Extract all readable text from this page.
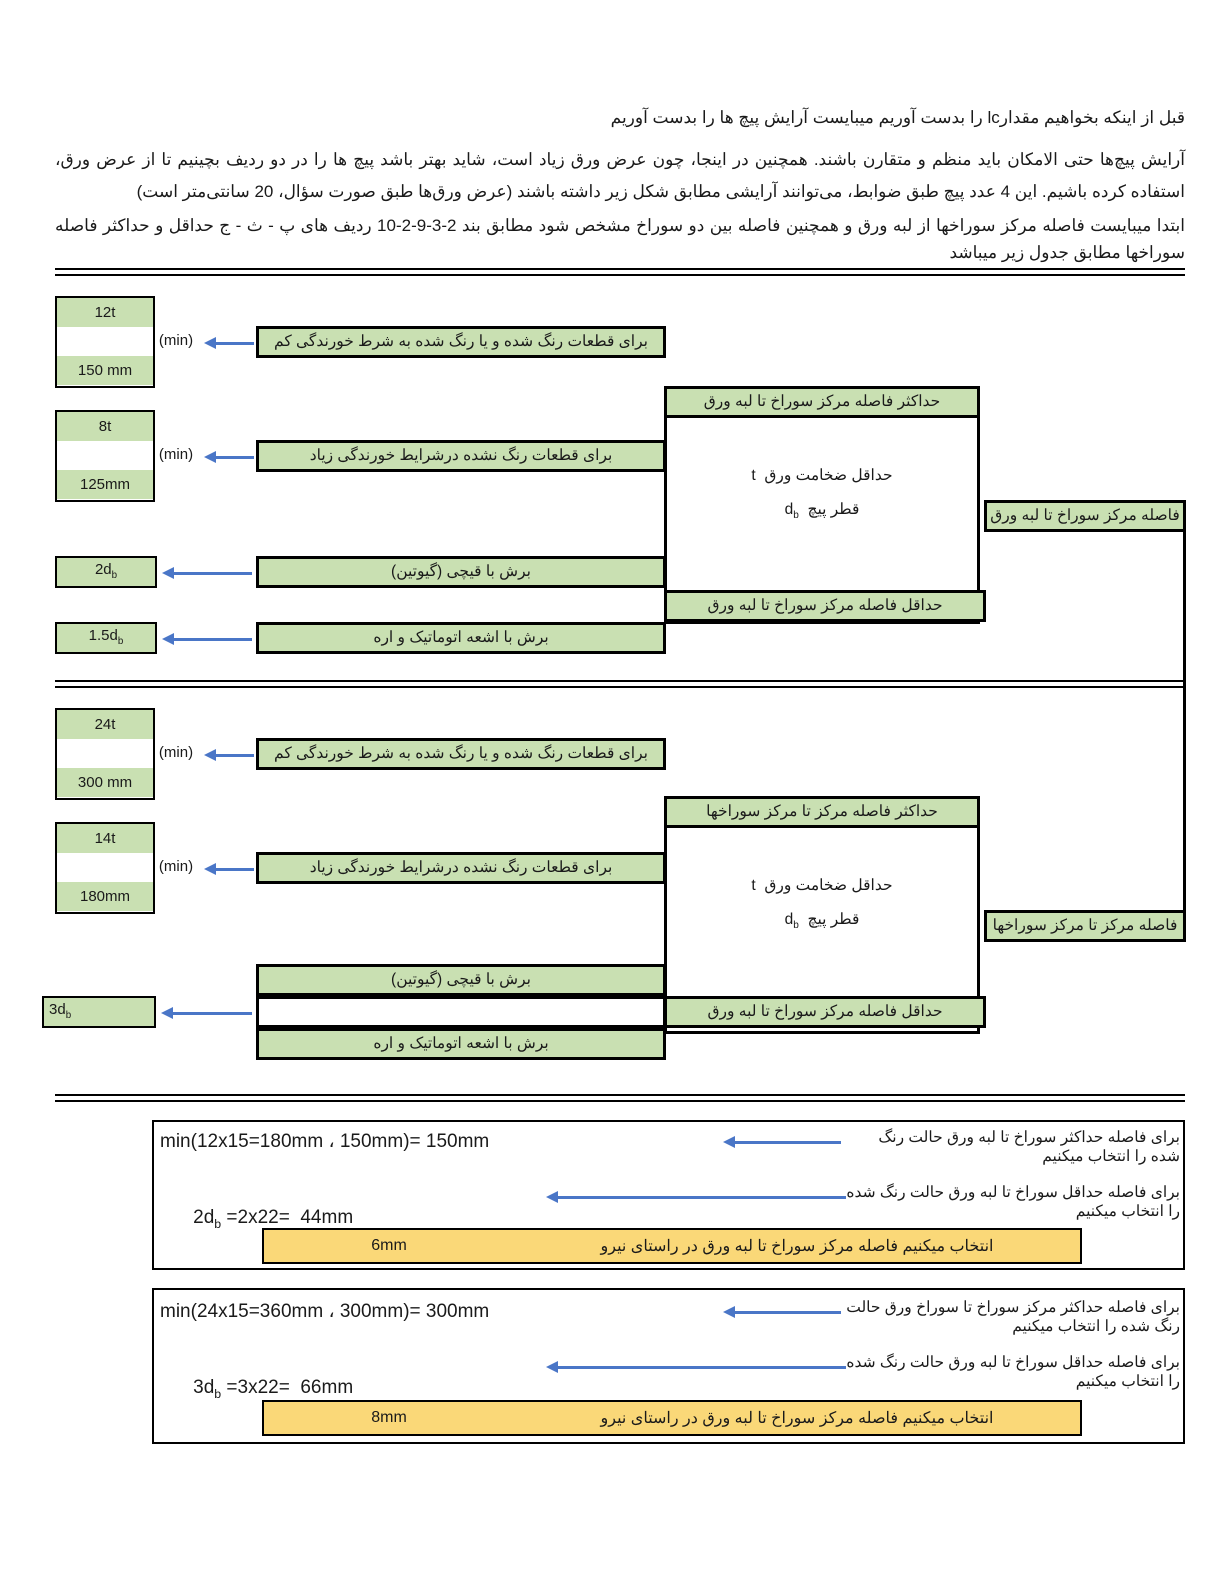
قبل از اینکه بخواهیم مقدارlc را بدست آوریم میبایست آرایش پیچ ها را بدست آوریم
آرایش پیچ‌ها حتی الامکان باید منظم و متقارن باشند. همچنین در اینجا، چون عرض ورق زیاد است، شاید بهتر باشد پیچ ها را در دو ردیف بچینیم تا از عرض ورق، استفاده کرده باشیم. این 4 عدد پیچ طبق ضوابط، می‌توانند آرایشی مطابق شکل زیر داشته باشند (عرض ورق‌ها طبق صورت سؤال، 20 سانتی‌متر است)
ابتدا میبایست فاصله مرکز سوراخها از لبه ورق و همچنین فاصله بین دو سوراخ مشخص شود مطابق بند 2-3-9-2-10 ردیف های پ - ث - ج حداقل و حداکثر فاصله سوراخها مطابق جدول زیر میباشد
12t
150 mm
(min)	برای قطعات رنگ شده و یا رنگ شده به شرط خورندگی کم
8t
125mm
(min)	برای قطعات رنگ نشده درشرایط خورندگی زیاد
حداکثر فاصله مرکز سوراخ تا لبه ورق
حداقل ضخامت ورق  t
قطر پیچ  $d_b$
حداقل فاصله مرکز سوراخ تا لبه ورق
فاصله مرکز سوراخ تا لبه ورق
$2d_b$	برش با قیچی (گیوتین)
$1.5d_b$	برش با اشعه اتوماتیک و اره
24t
300 mm
(min)	برای قطعات رنگ شده و یا رنگ شده به شرط خورندگی کم
14t
180mm
(min)	برای قطعات رنگ نشده درشرایط خورندگی زیاد
حداکثر فاصله مرکز تا مرکز سوراخها
حداقل ضخامت ورق  t
قطر پیچ  $d_b$	فاصله مرکز تا مرکز سوراخها
برش با قیچی (گیوتین)
$3d_b$	حداقل فاصله مرکز سوراخ تا لبه ورق
برش با اشعه اتوماتیک و اره
min(12x15=180mm ، 150mm)= 150mm	برای فاصله حداکثر سوراخ تا لبه ورق حالت رنگ شده را انتخاب میکنیم

$2d_b =2x22= 44mm$

برای فاصله حداقل سوراخ تا لبه ورق حالت رنگ شده را انتخاب میکنیم
6mm	انتخاب میکنیم فاصله مرکز سوراخ تا لبه ورق در راستای نیرو
min(24x15=360mm ، 300mm)= 300mm	برای فاصله حداکثر مرکز سوراخ تا سوراخ ورق حالت رنگ شده را انتخاب میکنیم

$3d_b =3x22= 66mm$

برای فاصله حداقل سوراخ تا لبه ورق حالت رنگ شده را انتخاب میکنیم
8mm	انتخاب میکنیم فاصله مرکز سوراخ تا لبه ورق در راستای نیرو
